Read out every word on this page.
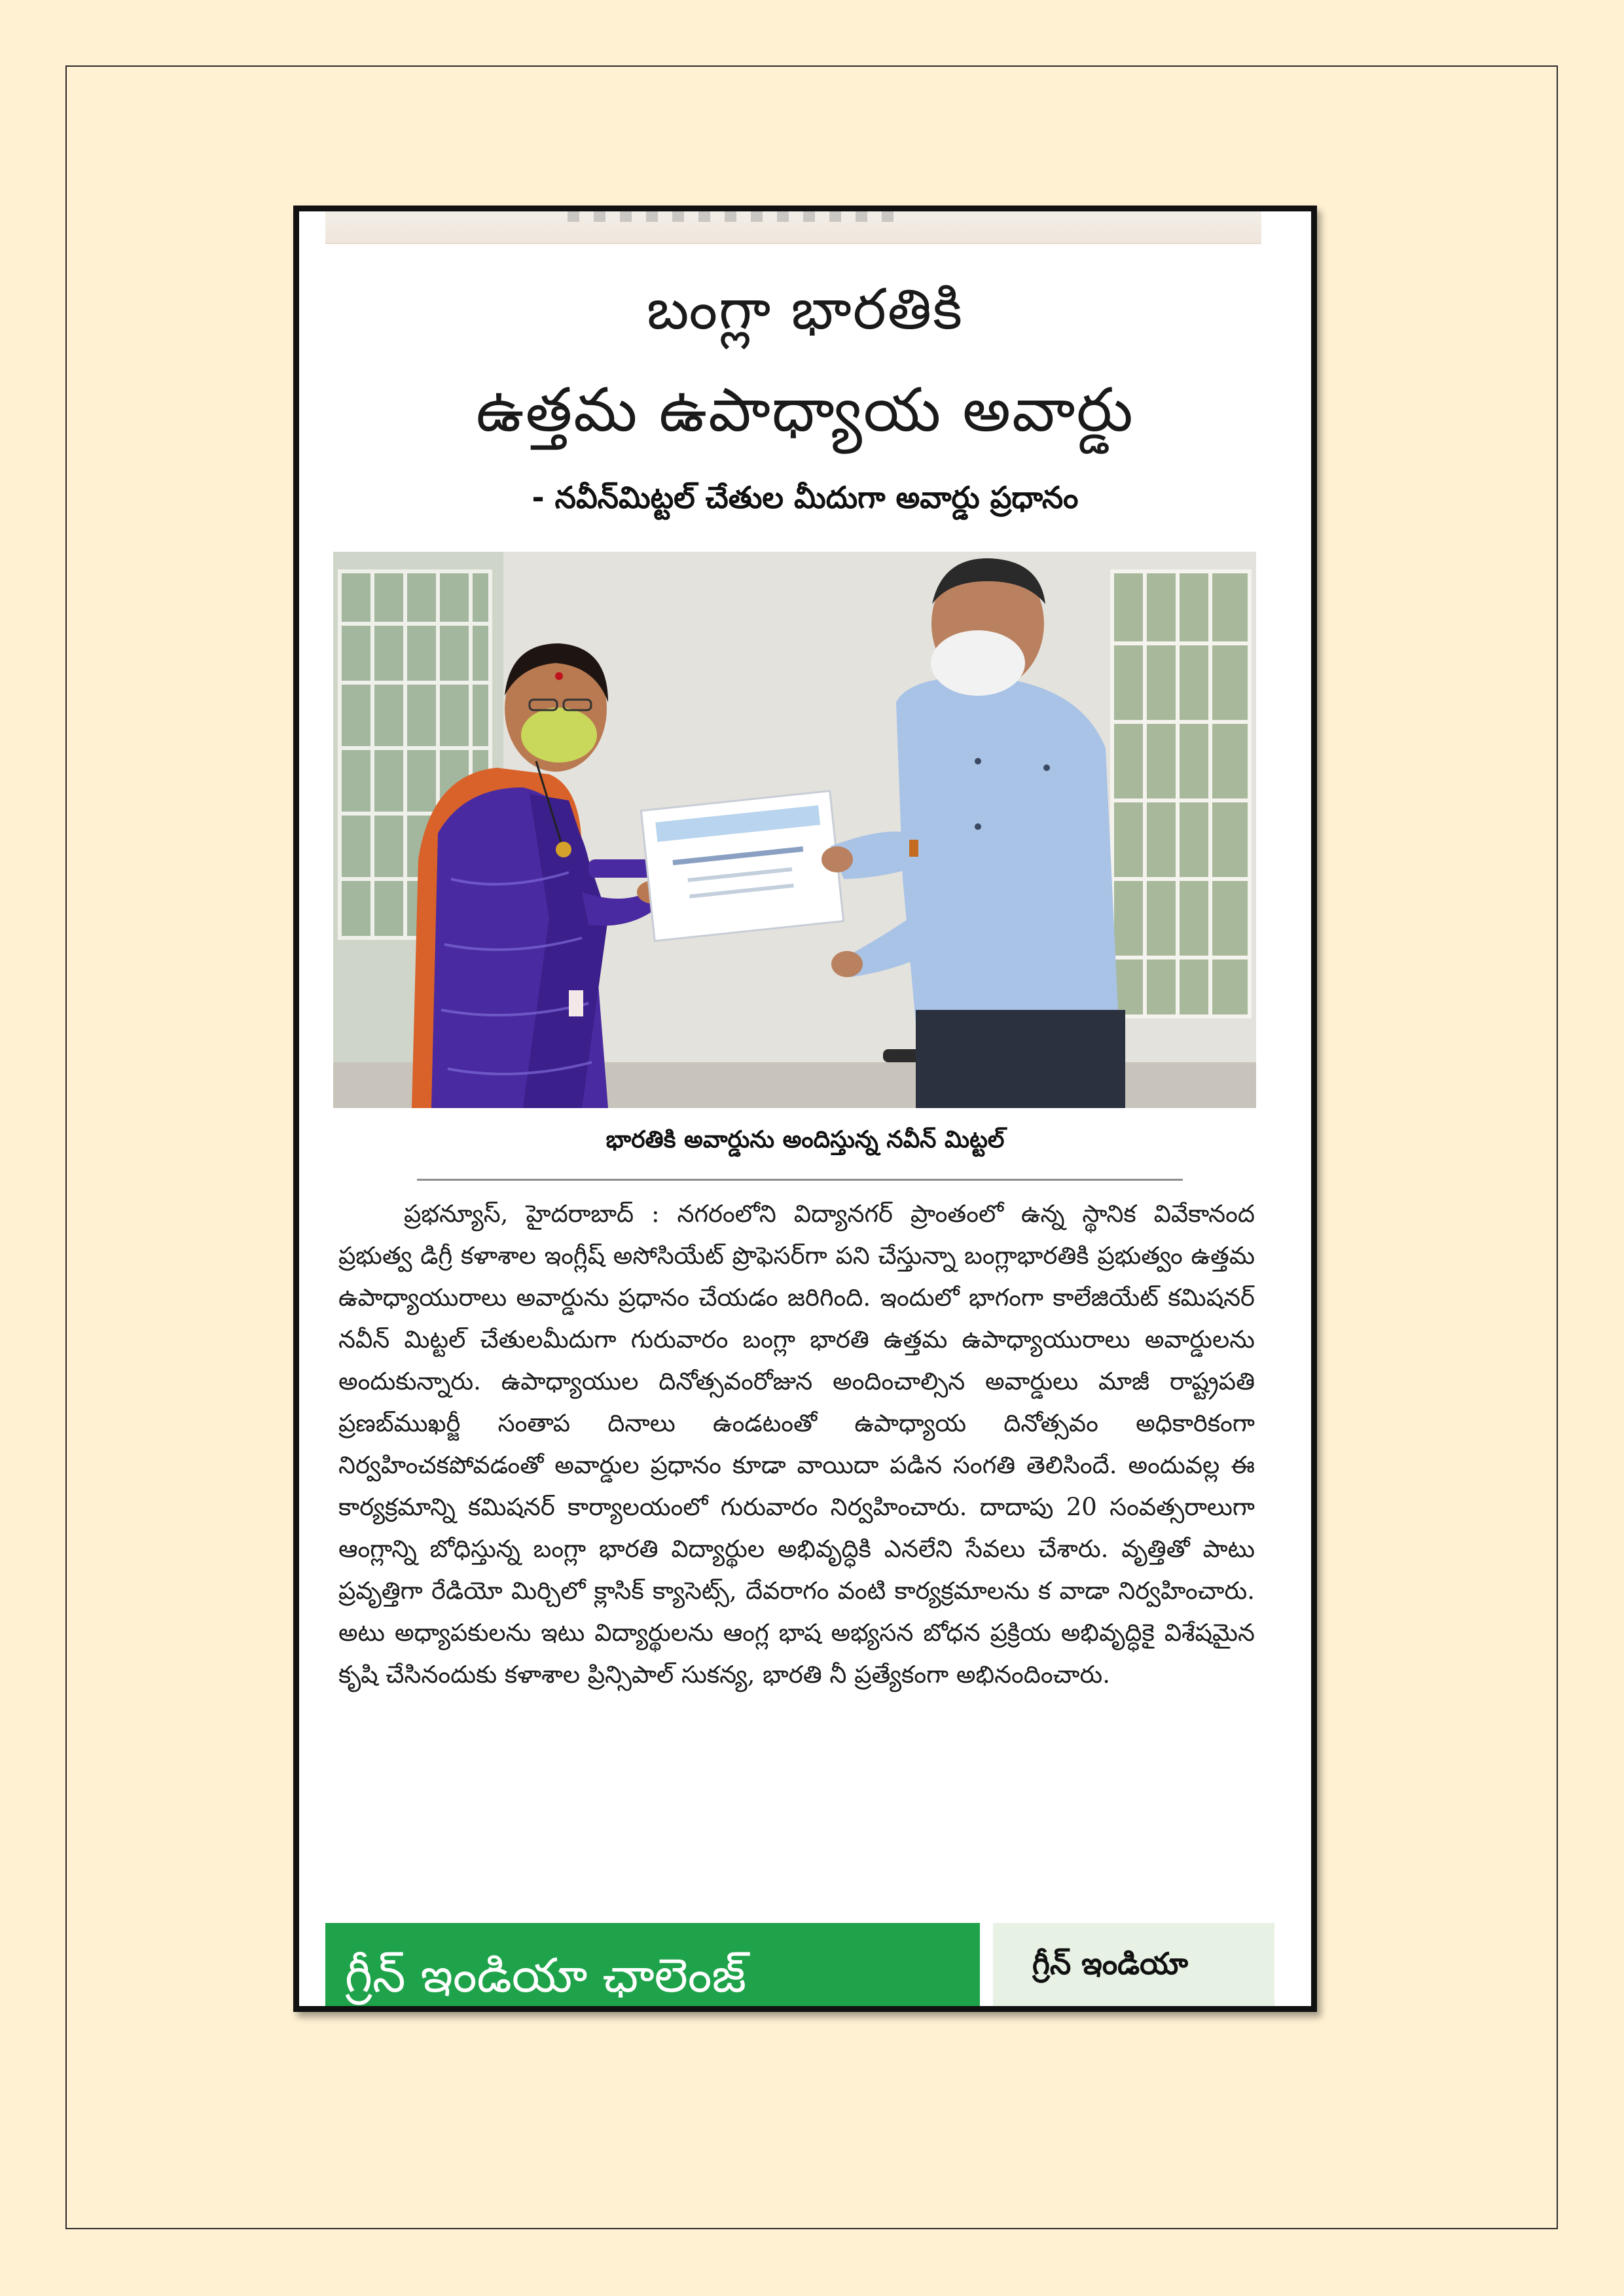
బంగ్లా భారతికి
ఉత్తమ ఉపాధ్యాయ అవార్డు
- నవీన్‌మిట్టల్ చేతుల మీదుగా అవార్డు ప్రధానం
భారతికి అవార్డును అందిస్తున్న నవీన్ మిట్టల్

ప్రభన్యూస్, హైదరాబాద్ : నగరంలోని విద్యానగర్ ప్రాంతంలో ఉన్న స్థానిక వివేకానంద ప్రభుత్వ డిగ్రీ కళాశాల ఇంగ్లీష్ అసోసియేట్ ప్రొఫెసర్‌గా పని చేస్తున్నా బంగ్లాభారతికి ప్రభుత్వం ఉత్తమ ఉపాధ్యాయురాలు అవార్డును ప్రధానం చేయడం జరిగింది. ఇందులో భాగంగా కాలేజియేట్ కమిషనర్ నవీన్ మిట్టల్ చేతులమీదుగా గురువారం బంగ్లా భారతి ఉత్తమ ఉపాధ్యాయురాలు అవార్డులను అందుకున్నారు. ఉపాధ్యాయుల దినోత్సవంరోజున అందించాల్సిన అవార్డులు మాజీ రాష్ట్రపతి ప్రణబ్‌ముఖర్జీ సంతాప దినాలు ఉండటంతో ఉపాధ్యాయ దినోత్సవం అధికారికంగా నిర్వహించకపోవడంతో అవార్డుల ప్రధానం కూడా వాయిదా పడిన సంగతి తెలిసిందే. అందువల్ల ఈ కార్యక్రమాన్ని కమిషనర్ కార్యాలయంలో గురువారం నిర్వహించారు. దాదాపు 20 సంవత్సరాలుగా ఆంగ్లాన్ని బోధిస్తున్న బంగ్లా భారతి విద్యార్థుల అభివృద్ధికి ఎనలేని సేవలు చేశారు. వృత్తితో పాటు ప్రవృత్తిగా రేడియో మిర్చిలో క్లాసిక్ క్యాసెట్స్, దేవరాగం వంటి కార్యక్రమాలను క వాడా నిర్వహించారు. అటు అధ్యాపకులను ఇటు విద్యార్థులను ఆంగ్ల భాష అభ్యసన బోధన ప్రక్రియ అభివృద్ధికై విశేషమైన కృషి చేసినందుకు కళాశాల ప్రిన్సిపాల్ సుకన్య, భారతి నీ ప్రత్యేకంగా అభినందించారు.

గ్రీన్ ఇండియా ఛాలెంజ్	గ్రీన్ ఇండియా
